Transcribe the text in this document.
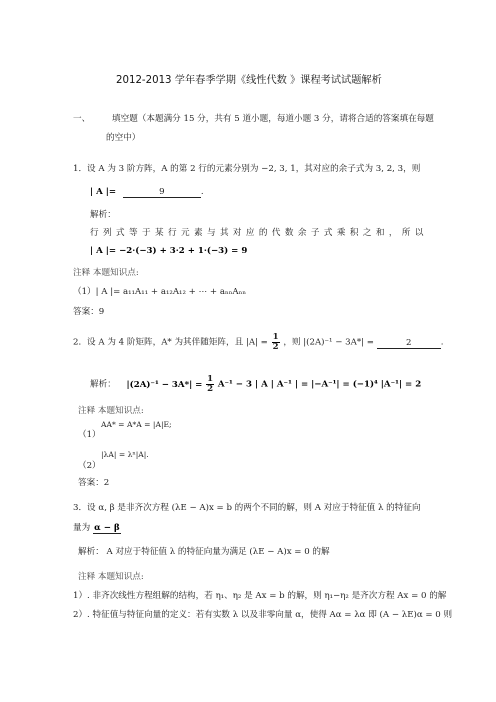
2012-2013 学年春季学期《线性代数 》课程考试试题解析
一、	填空题（本题满分 15 分，共有 5 道小题，每道小题 3 分，请将合适的答案填在每题
的空中）
1．设 A 为 3 阶方阵，A 的第 2 行的元素分别为 −2, 3, 1，其对应的余子式为 3, 2, 3，则
| A |=	9	.
解析：
行列式等于某行元素与其对应的代数余子式乘积之和，所以
| A |= −2·(−3) + 3·2 + 1·(−3) = 9
注释 本题知识点:
（1）| A |= a₁₁A₁₁ + a₁₂A₁₂ + ⋯ + aₙₙAₙₙ
答案：9
2．设 A 为 4 阶矩阵，A* 为其伴随矩阵，且 $|A| = \frac{1}{2}$ ，则 |(2A)⁻¹ − 3A*| =	2	.
解析： $|(2A)^{-1} - 3A*| = \frac{1}{2} A^{-1} - 3$ | A | A⁻¹ | = |−A⁻¹| = (−1)⁴ |A⁻¹| = 2
注释 本题知识点:
AA* = A*A = |A|E;
（1）
|λA| = λⁿ|A|.
（2）
答案：2
3．设 α, β 是非齐次方程 (λE − A)x = b 的两个不同的解，则 A 对应于特征值 λ 的特征向
量为 α − β
解析： A 对应于特征值 λ 的特征向量为满足 (λE − A)x = 0 的解
注释 本题知识点:
1）. 非齐次线性方程组解的结构，若 η₁、η₂ 是 Ax = b 的解，则 η₁−η₂ 是齐次方程 Ax = 0 的解
2）. 特征值与特征向量的定义：若有实数 λ 以及非零向量 α，使得 Aα = λα 即 (A − λE)α = 0 则
